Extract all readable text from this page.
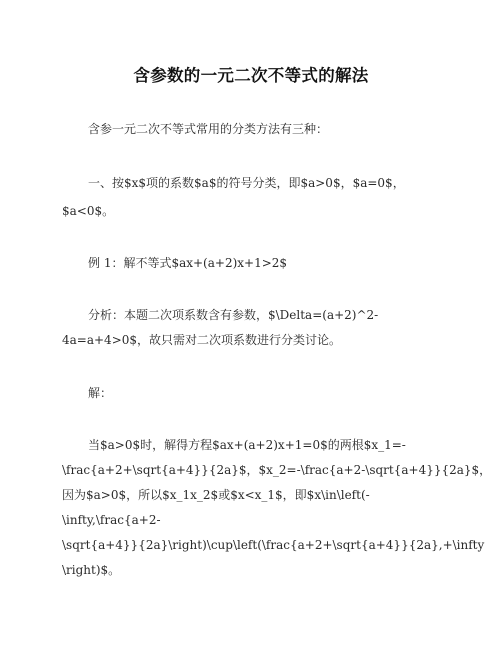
含参数的一元二次不等式的解法
含参一元二次不等式常用的分类方法有三种：
一、按$x$项的系数$a$的符号分类，即$a>0$，$a=0$，
$a<0$。
例 1：解不等式$ax+(a+2)x+1>2$
分析：本题二次项系数含有参数，$\Delta=(a+2)^2-
4a=a+4>0$，故只需对二次项系数进行分类讨论。
解：
当$a>0$时，解得方程$ax+(a+2)x+1=0$的两根$x_1=-
\frac{a+2+\sqrt{a+4}}{2a}$，$x_2=-\frac{a+2-\sqrt{a+4}}{2a}$，
因为$a>0$，所以$x_1x_2$或$x<x_1$，即$x\in\left(-
\infty,\frac{a+2-
\sqrt{a+4}}{2a}\right)\cup\left(\frac{a+2+\sqrt{a+4}}{2a},+\infty
\right)$。
